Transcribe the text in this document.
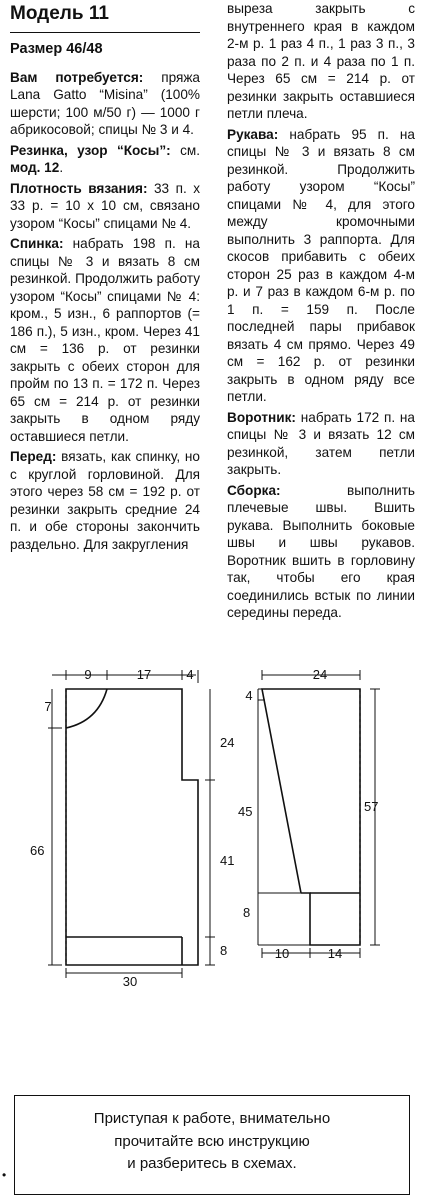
Модель 11
Размер 46/48

Вам потребуется: пряжа Lana Gatto “Misina” (100% шерсти; 100 м/50 г) — 1000 г абрикосовой; спицы № 3 и 4.

Резинка, узор “Косы”: см. мод. 12.

Плотность вязания: 33 п. х 33 р. = 10 х 10 см, связано узором “Косы” спицами № 4.

Спинка: набрать 198 п. на спицы № 3 и вязать 8 см резинкой. Продолжить работу узором “Косы” спицами № 4: кром., 5 изн., 6 раппортов (= 186 п.), 5 изн., кром. Через 41 см = 136 р. от резинки закрыть с обеих сторон для пройм по 13 п. = 172 п. Через 65 см = 214 р. от резинки закрыть в одном ряду оставшиеся петли.

Перед: вязать, как спинку, но с круглой горловиной. Для этого через 58 см = 192 р. от резинки закрыть средние 24 п. и обе стороны закончить раздельно. Для закругления

выреза закрыть с внутреннего края в каждом 2-м р. 1 раз 4 п., 1 раз 3 п., 3 раза по 2 п. и 4 раза по 1 п. Через 65 см = 214 р. от резинки закрыть оставшиеся петли плеча.

Рукава: набрать 95 п. на спицы № 3 и вязать 8 см резинкой. Продолжить работу узором “Косы” спицами № 4, для этого между кромочными выполнить 3 раппорта. Для скосов прибавить с обеих сторон 25 раз в каждом 4-м р. и 7 раз в каждом 6-м р. по 1 п. = 159 п. После последней пары прибавок вязать 4 см прямо. Через 49 см = 162 р. от резинки закрыть в одном ряду все петли.

Воротник: набрать 172 п. на спицы № 3 и вязать 12 см резинкой, затем петли закрыть.

Сборка: выполнить плечевые швы. Вшить рукава. Выполнить боковые швы и швы рукавов. Воротник вшить в горловину так, чтобы его края соединились встык по линии середины переда.

9	17	4
7
24
41
66
8
30
24
4
45	57
8
10	14
Приступая к работе, внимательно
прочитайте всю инструкцию
и разберитесь в схемах.
•
